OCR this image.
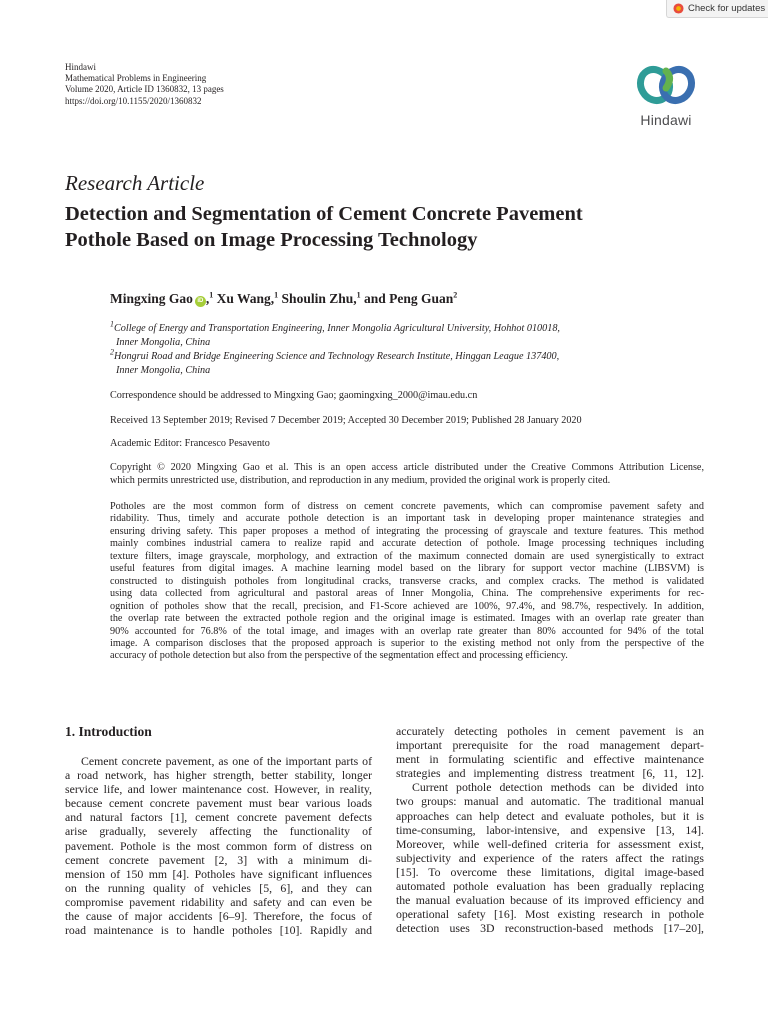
Check for updates
Hindawi
Mathematical Problems in Engineering
Volume 2020, Article ID 1360832, 13 pages
https://doi.org/10.1155/2020/1360832
Hindawi
Research Article
Detection and Segmentation of Cement Concrete Pavement
Pothole Based on Image Processing Technology
Mingxing Gao iD ,$^1$ Xu Wang,$^1$ Shoulin Zhu,$^1$ and Peng Guan$^2$
$^1$College of Energy and Transportation Engineering, Inner Mongolia Agricultural University, Hohhot 010018,
Inner Mongolia, China
$^2$Hongrui Road and Bridge Engineering Science and Technology Research Institute, Hinggan League 137400,
Inner Mongolia, China
Correspondence should be addressed to Mingxing Gao; gaomingxing_2000@imau.edu.cn
Received 13 September 2019; Revised 7 December 2019; Accepted 30 December 2019; Published 28 January 2020
Academic Editor: Francesco Pesavento
Copyright © 2020 Mingxing Gao et al. This is an open access article distributed under the Creative Commons Attribution License,
which permits unrestricted use, distribution, and reproduction in any medium, provided the original work is properly cited.
Potholes are the most common form of distress on cement concrete pavements, which can compromise pavement safety and
ridability. Thus, timely and accurate pothole detection is an important task in developing proper maintenance strategies and
ensuring driving safety. This paper proposes a method of integrating the processing of grayscale and texture features. This method
mainly combines industrial camera to realize rapid and accurate detection of pothole. Image processing techniques including
texture filters, image grayscale, morphology, and extraction of the maximum connected domain are used synergistically to extract
useful features from digital images. A machine learning model based on the library for support vector machine (LIBSVM) is
constructed to distinguish potholes from longitudinal cracks, transverse cracks, and complex cracks. The method is validated
using data collected from agricultural and pastoral areas of Inner Mongolia, China. The comprehensive experiments for rec-
ognition of potholes show that the recall, precision, and F1-Score achieved are 100%, 97.4%, and 98.7%, respectively. In addition,
the overlap rate between the extracted pothole region and the original image is estimated. Images with an overlap rate greater than
90% accounted for 76.8% of the total image, and images with an overlap rate greater than 80% accounted for 94% of the total
image. A comparison discloses that the proposed approach is superior to the existing method not only from the perspective of the
accuracy of pothole detection but also from the perspective of the segmentation effect and processing efficiency.
1. Introduction
Cement concrete pavement, as one of the important parts of
a road network, has higher strength, better stability, longer
service life, and lower maintenance cost. However, in reality,
because cement concrete pavement must bear various loads
and natural factors [1], cement concrete pavement defects
arise gradually, severely affecting the functionality of
pavement. Pothole is the most common form of distress on
cement concrete pavement [2, 3] with a minimum di-
mension of 150 mm [4]. Potholes have significant influences
on the running quality of vehicles [5, 6], and they can
compromise pavement ridability and safety and can even be
the cause of major accidents [6–9]. Therefore, the focus of
road maintenance is to handle potholes [10]. Rapidly and
accurately detecting potholes in cement pavement is an
important prerequisite for the road management depart-
ment in formulating scientific and effective maintenance
strategies and implementing distress treatment [6, 11, 12].
Current pothole detection methods can be divided into
two groups: manual and automatic. The traditional manual
approaches can help detect and evaluate potholes, but it is
time-consuming, labor-intensive, and expensive [13, 14].
Moreover, while well-defined criteria for assessment exist,
subjectivity and experience of the raters affect the ratings
[15]. To overcome these limitations, digital image-based
automated pothole evaluation has been gradually replacing
the manual evaluation because of its improved efficiency and
operational safety [16]. Most existing research in pothole
detection uses 3D reconstruction-based methods [17–20],
